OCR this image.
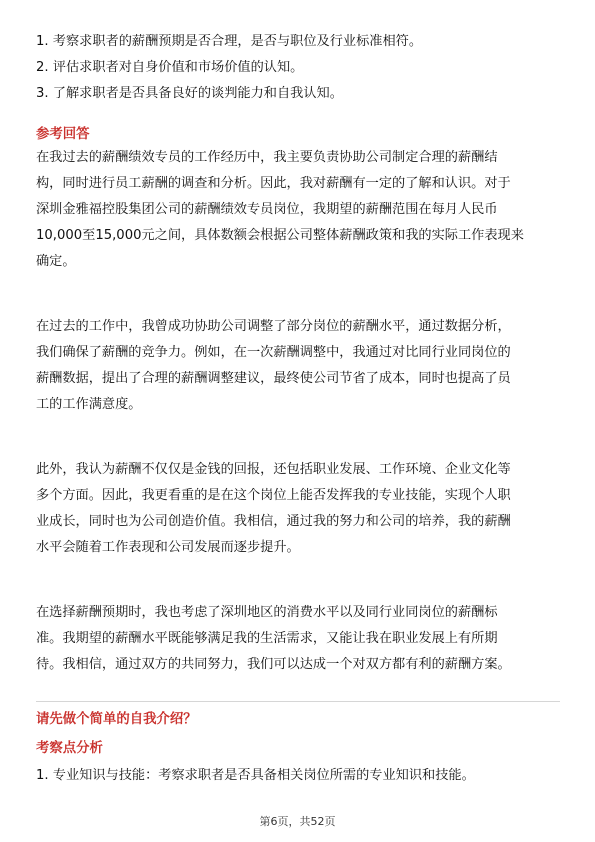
1. 考察求职者的薪酬预期是否合理，是否与职位及行业标准相符。
2. 评估求职者对自身价值和市场价值的认知。
3. 了解求职者是否具备良好的谈判能力和自我认知。
参考回答
在我过去的薪酬绩效专员的工作经历中，我主要负责协助公司制定合理的薪酬结
构，同时进行员工薪酬的调查和分析。因此，我对薪酬有一定的了解和认识。对于
深圳金雅福控股集团公司的薪酬绩效专员岗位，我期望的薪酬范围在每月人民币
10,000至15,000元之间，具体数额会根据公司整体薪酬政策和我的实际工作表现来
确定。
在过去的工作中，我曾成功协助公司调整了部分岗位的薪酬水平，通过数据分析，
我们确保了薪酬的竞争力。例如，在一次薪酬调整中，我通过对比同行业同岗位的
薪酬数据，提出了合理的薪酬调整建议，最终使公司节省了成本，同时也提高了员
工的工作满意度。
此外，我认为薪酬不仅仅是金钱的回报，还包括职业发展、工作环境、企业文化等
多个方面。因此，我更看重的是在这个岗位上能否发挥我的专业技能，实现个人职
业成长，同时也为公司创造价值。我相信，通过我的努力和公司的培养，我的薪酬
水平会随着工作表现和公司发展而逐步提升。
在选择薪酬预期时，我也考虑了深圳地区的消费水平以及同行业同岗位的薪酬标
准。我期望的薪酬水平既能够满足我的生活需求，又能让我在职业发展上有所期
待。我相信，通过双方的共同努力，我们可以达成一个对双方都有利的薪酬方案。
请先做个简单的自我介绍？
考察点分析
1. 专业知识与技能：考察求职者是否具备相关岗位所需的专业知识和技能。
第6页，共52页
